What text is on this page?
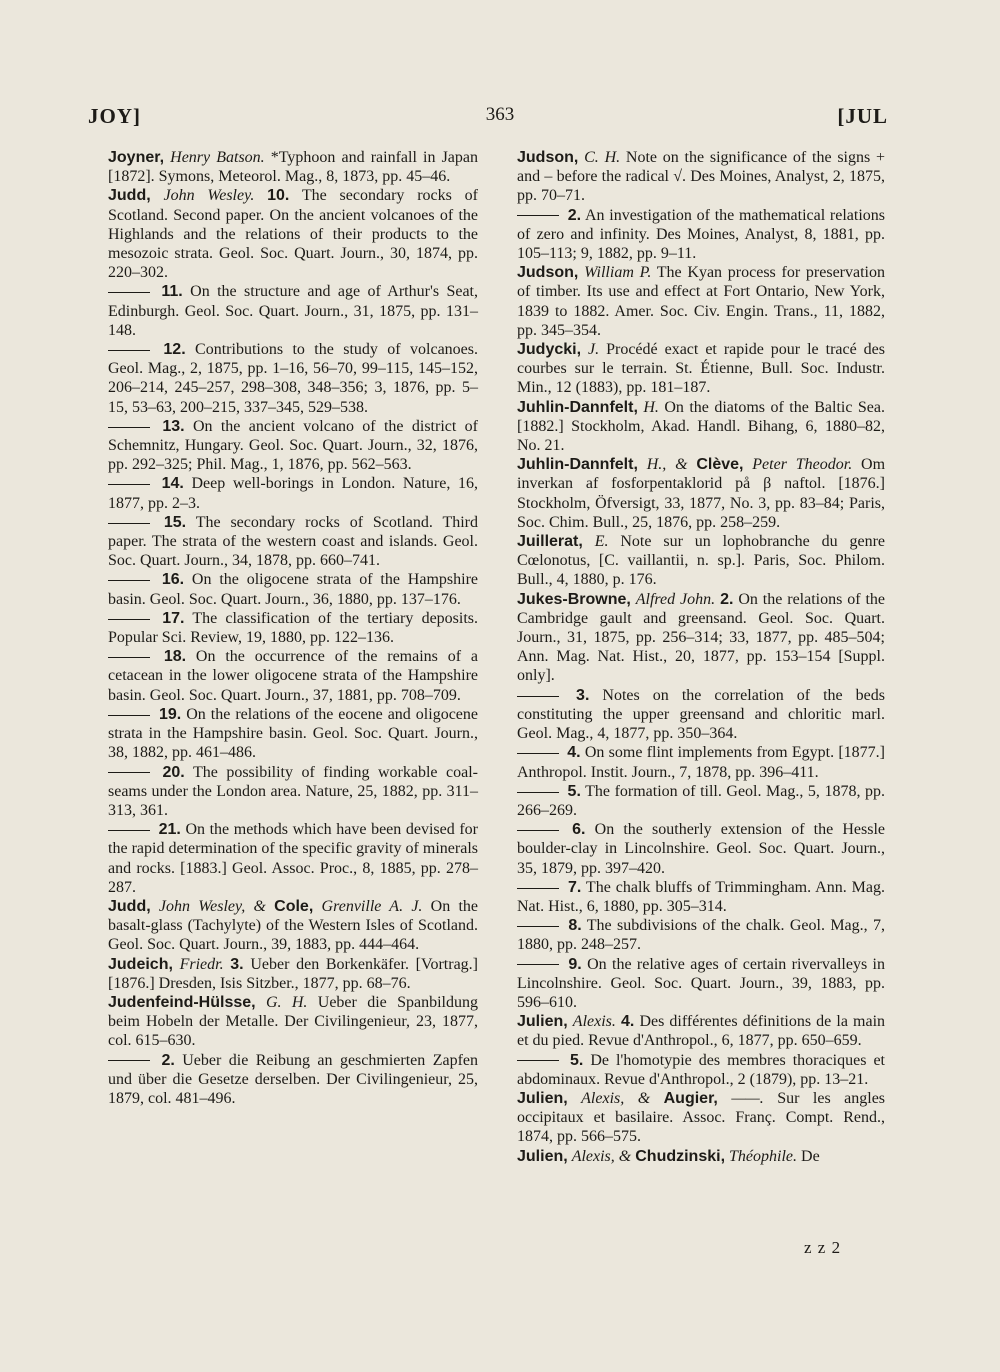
JOY]	363	[JUL
Joyner, Henry Batson. *Typhoon and rainfall in Japan [1872]. Symons, Meteorol. Mag., 8, 1873, pp. 45–46.
Judd, John Wesley. 10. The secondary rocks of Scotland. Second paper. On the ancient volcanoes of the Highlands and the relations of their products to the mesozoic strata. Geol. Soc. Quart. Journ., 30, 1874, pp. 220–302.
11. On the structure and age of Arthur's Seat, Edinburgh. Geol. Soc. Quart. Journ., 31, 1875, pp. 131–148.
12. Contributions to the study of volcanoes. Geol. Mag., 2, 1875, pp. 1–16, 56–70, 99–115, 145–152, 206–214, 245–257, 298–308, 348–356; 3, 1876, pp. 5–15, 53–63, 200–215, 337–345, 529–538.
13. On the ancient volcano of the district of Schemnitz, Hungary. Geol. Soc. Quart. Journ., 32, 1876, pp. 292–325; Phil. Mag., 1, 1876, pp. 562–563.
14. Deep well-borings in London. Nature, 16, 1877, pp. 2–3.
15. The secondary rocks of Scotland. Third paper. The strata of the western coast and islands. Geol. Soc. Quart. Journ., 34, 1878, pp. 660–741.
16. On the oligocene strata of the Hampshire basin. Geol. Soc. Quart. Journ., 36, 1880, pp. 137–176.
17. The classification of the tertiary deposits. Popular Sci. Review, 19, 1880, pp. 122–136.
18. On the occurrence of the remains of a cetacean in the lower oligocene strata of the Hampshire basin. Geol. Soc. Quart. Journ., 37, 1881, pp. 708–709.
19. On the relations of the eocene and oligocene strata in the Hampshire basin. Geol. Soc. Quart. Journ., 38, 1882, pp. 461–486.
20. The possibility of finding workable coal-seams under the London area. Nature, 25, 1882, pp. 311–313, 361.
21. On the methods which have been devised for the rapid determination of the specific gravity of minerals and rocks. [1883.] Geol. Assoc. Proc., 8, 1885, pp. 278–287.
Judd, John Wesley, & Cole, Grenville A. J. On the basalt-glass (Tachylyte) of the Western Isles of Scotland. Geol. Soc. Quart. Journ., 39, 1883, pp. 444–464.
Judeich, Friedr. 3. Ueber den Borkenkäfer. [Vortrag.] [1876.] Dresden, Isis Sitzber., 1877, pp. 68–76.
Judenfeind-Hülsse, G. H. Ueber die Spanbildung beim Hobeln der Metalle. Der Civilingenieur, 23, 1877, col. 615–630.
2. Ueber die Reibung an geschmierten Zapfen und über die Gesetze derselben. Der Civilingenieur, 25, 1879, col. 481–496.
Judson, C. H. Note on the significance of the signs + and – before the radical √. Des Moines, Analyst, 2, 1875, pp. 70–71.
2. An investigation of the mathematical relations of zero and infinity. Des Moines, Analyst, 8, 1881, pp. 105–113; 9, 1882, pp. 9–11.
Judson, William P. The Kyan process for preservation of timber. Its use and effect at Fort Ontario, New York, 1839 to 1882. Amer. Soc. Civ. Engin. Trans., 11, 1882, pp. 345–354.
Judycki, J. Procédé exact et rapide pour le tracé des courbes sur le terrain. St. Étienne, Bull. Soc. Industr. Min., 12 (1883), pp. 181–187.
Juhlin-Dannfelt, H. On the diatoms of the Baltic Sea. [1882.] Stockholm, Akad. Handl. Bihang, 6, 1880–82, No. 21.
Juhlin-Dannfelt, H., & Clève, Peter Theodor. Om inverkan af fosforpentaklorid på β naftol. [1876.] Stockholm, Öfversigt, 33, 1877, No. 3, pp. 83–84; Paris, Soc. Chim. Bull., 25, 1876, pp. 258–259.
Juillerat, E. Note sur un lophobranche du genre Cœlonotus, [C. vaillantii, n. sp.]. Paris, Soc. Philom. Bull., 4, 1880, p. 176.
Jukes-Browne, Alfred John. 2. On the relations of the Cambridge gault and greensand. Geol. Soc. Quart. Journ., 31, 1875, pp. 256–314; 33, 1877, pp. 485–504; Ann. Mag. Nat. Hist., 20, 1877, pp. 153–154 [Suppl. only].
3. Notes on the correlation of the beds constituting the upper greensand and chloritic marl. Geol. Mag., 4, 1877, pp. 350–364.
4. On some flint implements from Egypt. [1877.] Anthropol. Instit. Journ., 7, 1878, pp. 396–411.
5. The formation of till. Geol. Mag., 5, 1878, pp. 266–269.
6. On the southerly extension of the Hessle boulder-clay in Lincolnshire. Geol. Soc. Quart. Journ., 35, 1879, pp. 397–420.
7. The chalk bluffs of Trimmingham. Ann. Mag. Nat. Hist., 6, 1880, pp. 305–314.
8. The subdivisions of the chalk. Geol. Mag., 7, 1880, pp. 248–257.
9. On the relative ages of certain rivervalleys in Lincolnshire. Geol. Soc. Quart. Journ., 39, 1883, pp. 596–610.
Julien, Alexis. 4. Des différentes définitions de la main et du pied. Revue d'Anthropol., 6, 1877, pp. 650–659.
5. De l'homotypie des membres thoraciques et abdominaux. Revue d'Anthropol., 2 (1879), pp. 13–21.
Julien, Alexis, & Augier, ——. Sur les angles occipitaux et basilaire. Assoc. Franç. Compt. Rend., 1874, pp. 566–575.
Julien, Alexis, & Chudzinski, Théophile. De
z z 2
